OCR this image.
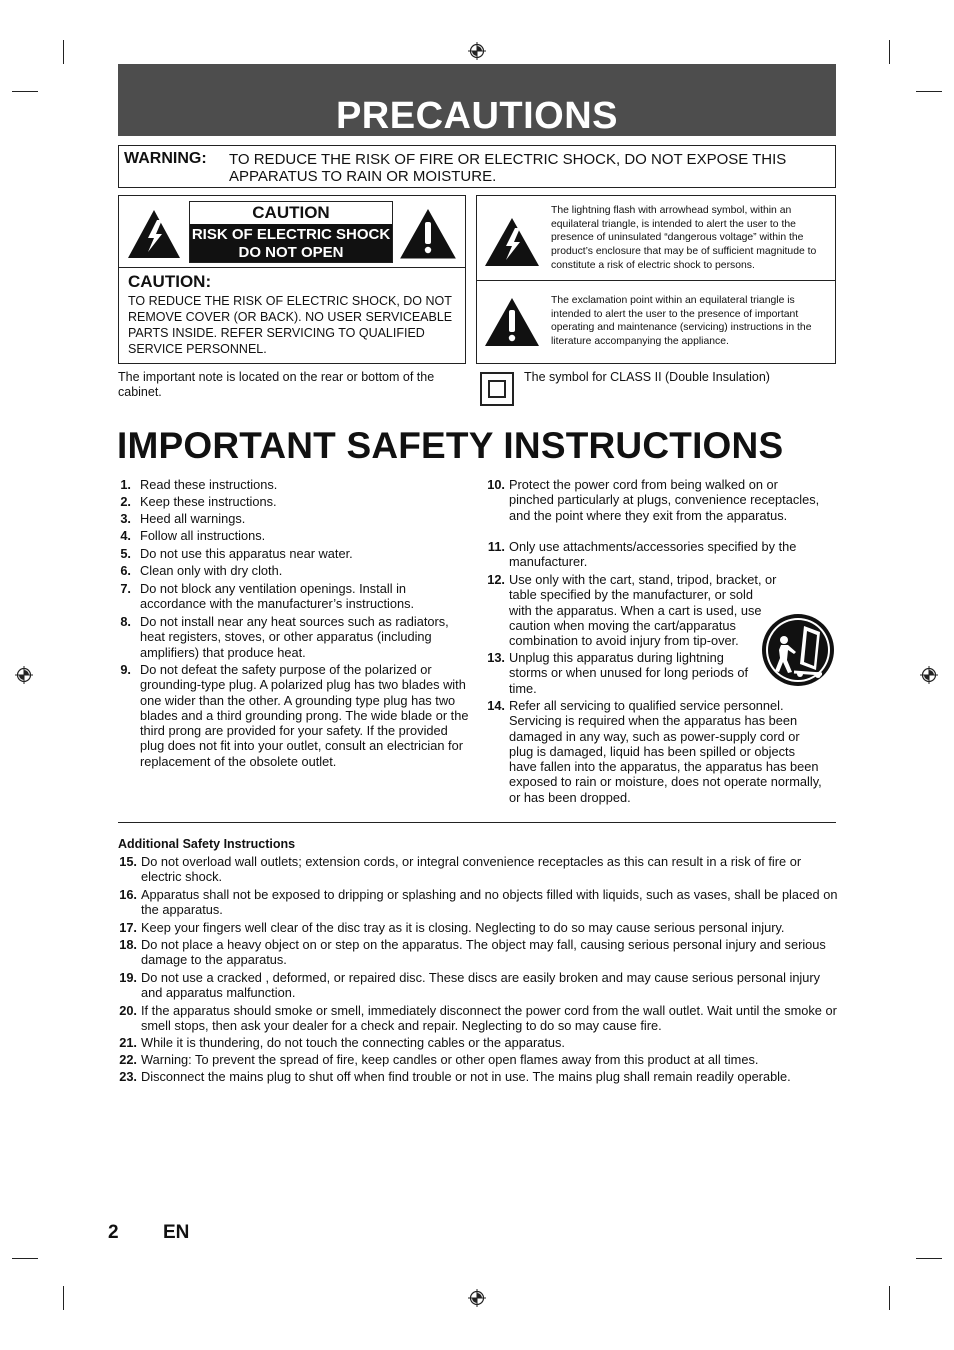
PRECAUTIONS
WARNING: TO REDUCE THE RISK OF FIRE OR ELECTRIC SHOCK, DO NOT EXPOSE THIS APPARATUS TO RAIN OR MOISTURE.
CAUTION
RISK OF ELECTRIC SHOCK
DO NOT OPEN
CAUTION:
TO REDUCE THE RISK OF ELECTRIC SHOCK, DO NOT REMOVE COVER (OR BACK). NO USER SERVICEABLE PARTS INSIDE. REFER SERVICING TO QUALIFIED SERVICE PERSONNEL.
The lightning flash with arrowhead symbol, within an equilateral triangle, is intended to alert the user to the presence of uninsulated “dangerous voltage” within the product’s enclosure that may be of sufficient magnitude to constitute a risk of electric shock to persons.
The exclamation point within an equilateral triangle is intended to alert the user to the presence of important operating and maintenance (servicing) instructions in the literature accompanying the appliance.
The important note is located on the rear or bottom of the cabinet.
The symbol for CLASS II (Double Insulation)
IMPORTANT SAFETY INSTRUCTIONS
1. Read these instructions.
2. Keep these instructions.
3. Heed all warnings.
4. Follow all instructions.
5. Do not use this apparatus near water.
6. Clean only with dry cloth.
7. Do not block any ventilation openings. Install in accordance with the manufacturer’s instructions.
8. Do not install near any heat sources such as radiators, heat registers, stoves, or other apparatus (including amplifiers) that produce heat.
9. Do not defeat the safety purpose of the polarized or grounding-type plug. A polarized plug has two blades with one wider than the other. A grounding type plug has two blades and a third grounding prong. The wide blade or the third prong are provided for your safety. If the provided plug does not fit into your outlet, consult an electrician for replacement of the obsolete outlet.
10. Protect the power cord from being walked on or pinched particularly at plugs, convenience receptacles, and the point where they exit from the apparatus.
11. Only use attachments/accessories specified by the manufacturer.
12. Use only with the cart, stand, tripod, bracket, or table specified by the manufacturer, or sold with the apparatus. When a cart is used, use caution when moving the cart/apparatus combination to avoid injury from tip-over.
13. Unplug this apparatus during lightning storms or when unused for long periods of time.
14. Refer all servicing to qualified service personnel. Servicing is required when the apparatus has been damaged in any way, such as power-supply cord or plug is damaged, liquid has been spilled or objects have fallen into the apparatus, the apparatus has been exposed to rain or moisture, does not operate normally, or has been dropped.
Additional Safety Instructions
15. Do not overload wall outlets; extension cords, or integral convenience receptacles as this can result in a risk of fire or electric shock.
16. Apparatus shall not be exposed to dripping or splashing and no objects filled with liquids, such as vases, shall be placed on the apparatus.
17. Keep your fingers well clear of the disc tray as it is closing. Neglecting to do so may cause serious personal injury.
18. Do not place a heavy object on or step on the apparatus. The object may fall, causing serious personal injury and serious damage to the apparatus.
19. Do not use a cracked , deformed, or repaired disc. These discs are easily broken and may cause serious personal injury and apparatus malfunction.
20. If the apparatus should smoke or smell, immediately disconnect the power cord from the wall outlet. Wait until the smoke or smell stops, then ask your dealer for a check and repair. Neglecting to do so may cause fire.
21. While it is thundering, do not touch the connecting cables or the apparatus.
22. Warning: To prevent the spread of fire, keep candles or other open flames away from this product at all times.
23. Disconnect the mains plug to shut off when find trouble or not in use. The mains plug shall remain readily operable.
2 EN
